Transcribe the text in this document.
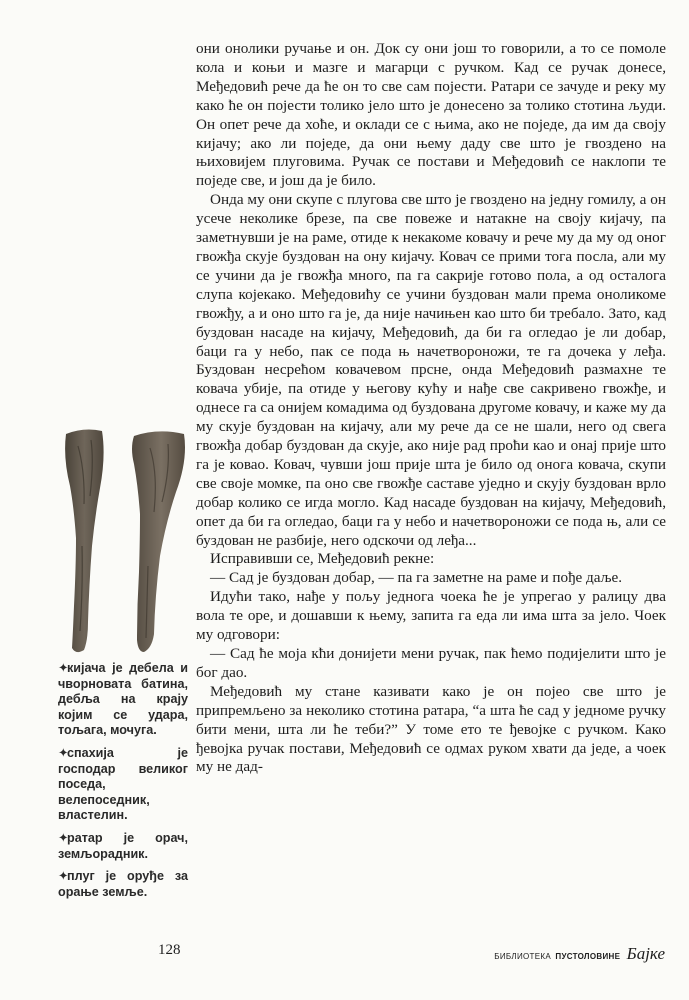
они онолики ручање и он. Док су они још то говорили, а то се помоле кола и коњи и мазге и магарци с ручком. Кад се ручак донесе, Међедовић рече да ће он то све сам појести. Ратари се зачуде и реку му како ће он појести толико јело што је донесено за толико стотина људи. Он опет рече да хоће, и оклади се с њима, ако не поједе, да им да своју кијачу; ако ли поједе, да они њему даду све што је гвоздено на њиховијем плуговима. Ручак се постави и Међедовић се наклопи те поједе све, и још да је било.

Онда му они скупе с плугова све што је гвоздено на једну гомилу, а он усече неколике брезе, па све повеже и натакне на своју кијачу, па заметнувши је на раме, отиде к некакоме ковачу и рече му да му од оног гвожђа скује буздован на ону кијачу. Ковач се прими тога посла, али му се учини да је гвожђа много, па га сакрије готово пола, а од осталога слупа којекако. Међедовићу се учини буздован мали према оноликоме гвожђу, а и оно што га је, да није начињен као што би требало. Зато, кад буздован насаде на кијачу, Међедовић, да би га огледао је ли добар, баци га у небо, пак се пода њ начетвороножи, те га дочека у леђа. Буздован несрећом ковачевом прсне, онда Међедовић размахне те ковача убије, па отиде у његову кућу и нађе све сакривено гвожђе, и однесе га са онијем комадима од буздована другоме ковачу, и каже му да му скује буздован на кијачу, али му рече да се не шали, него од свега гвожђа добар буздован да скује, ако није рад проћи као и онај прије што га је ковао. Ковач, чувши још прије шта је било од онога ковача, скупи све своје момке, па оно све гвожђе саставе уједно и скују буздован врло добар колико се игда могло. Кад насаде буздован на кијачу, Међедовић, опет да би га огледао, баци га у небо и начетвороножи се пода њ, али се буздован не разбије, него одскочи од леђа...

Исправивши се, Међедовић рекне:

— Сад је буздован добар, — па га заметне на раме и пође даље.

Идући тако, нађе у пољу једнога чоека ће је упрегао у ралицу два вола те оре, и дошавши к њему, запита га еда ли има шта за јело. Чоек му одговори:

— Сад ће моја кћи донијети мени ручак, пак ћемо подијелити што је бог дао.

Међедовић му стане казивати како је он појео све што је припремљено за неколико стотина ратара, “а шта ће сад у једноме ручку бити мени, шта ли ће теби?” У томе ето те ђевојке с ручком. Како ђевојка ручак постави, Међедовић се одмах руком хвати да једе, а чоек му не дад-

✦кијача је дебела и чворновата батина, дебља на крају којим се удара, тољага, мочуга.

✦спахија је господар великог поседа, велепоседник, властелин.

✦ратар је орач, земљорадник.

✦плуг је оруђе за орање земље.

128	БИБЛИОТЕКА ПУСТОЛОВИНЕ Бајке
